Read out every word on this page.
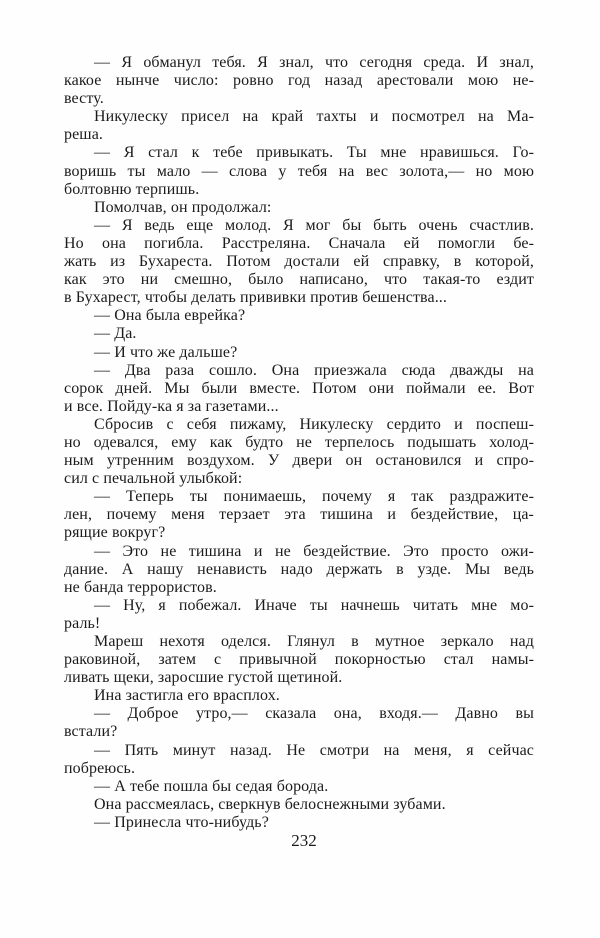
— Я обманул тебя. Я знал, что сегодня среда. И знал,
какое нынче число: ровно год назад арестовали мою не-
весту.
Никулеску присел на край тахты и посмотрел на Ма-
реша.
— Я стал к тебе привыкать. Ты мне нравишься. Го-
воришь ты мало — слова у тебя на вес золота,— но мою
болтовню терпишь.
Помолчав, он продолжал:
— Я ведь еще молод. Я мог бы быть очень счастлив.
Но она погибла. Расстреляна. Сначала ей помогли бе-
жать из Бухареста. Потом достали ей справку, в которой,
как это ни смешно, было написано, что такая-то ездит
в Бухарест, чтобы делать прививки против бешенства...
— Она была еврейка?
— Да.
— И что же дальше?
— Два раза сошло. Она приезжала сюда дважды на
сорок дней. Мы были вместе. Потом они поймали ее. Вот
и все. Пойду-ка я за газетами...
Сбросив с себя пижаму, Никулеску сердито и поспеш-
но одевался, ему как будто не терпелось подышать холод-
ным утренним воздухом. У двери он остановился и спро-
сил с печальной улыбкой:
— Теперь ты понимаешь, почему я так раздражите-
лен, почему меня терзает эта тишина и бездействие, ца-
рящие вокруг?
— Это не тишина и не бездействие. Это просто ожи-
дание. А нашу ненависть надо держать в узде. Мы ведь
не банда террористов.
— Ну, я побежал. Иначе ты начнешь читать мне мо-
раль!
Мареш нехотя оделся. Глянул в мутное зеркало над
раковиной, затем с привычной покорностью стал намы-
ливать щеки, заросшие густой щетиной.
Ина застигла его врасплох.
— Доброе утро,— сказала она, входя.— Давно вы
встали?
— Пять минут назад. Не смотри на меня, я сейчас
побреюсь.
— А тебе пошла бы седая борода.
Она рассмеялась, сверкнув белоснежными зубами.
— Принесла что-нибудь?
232
